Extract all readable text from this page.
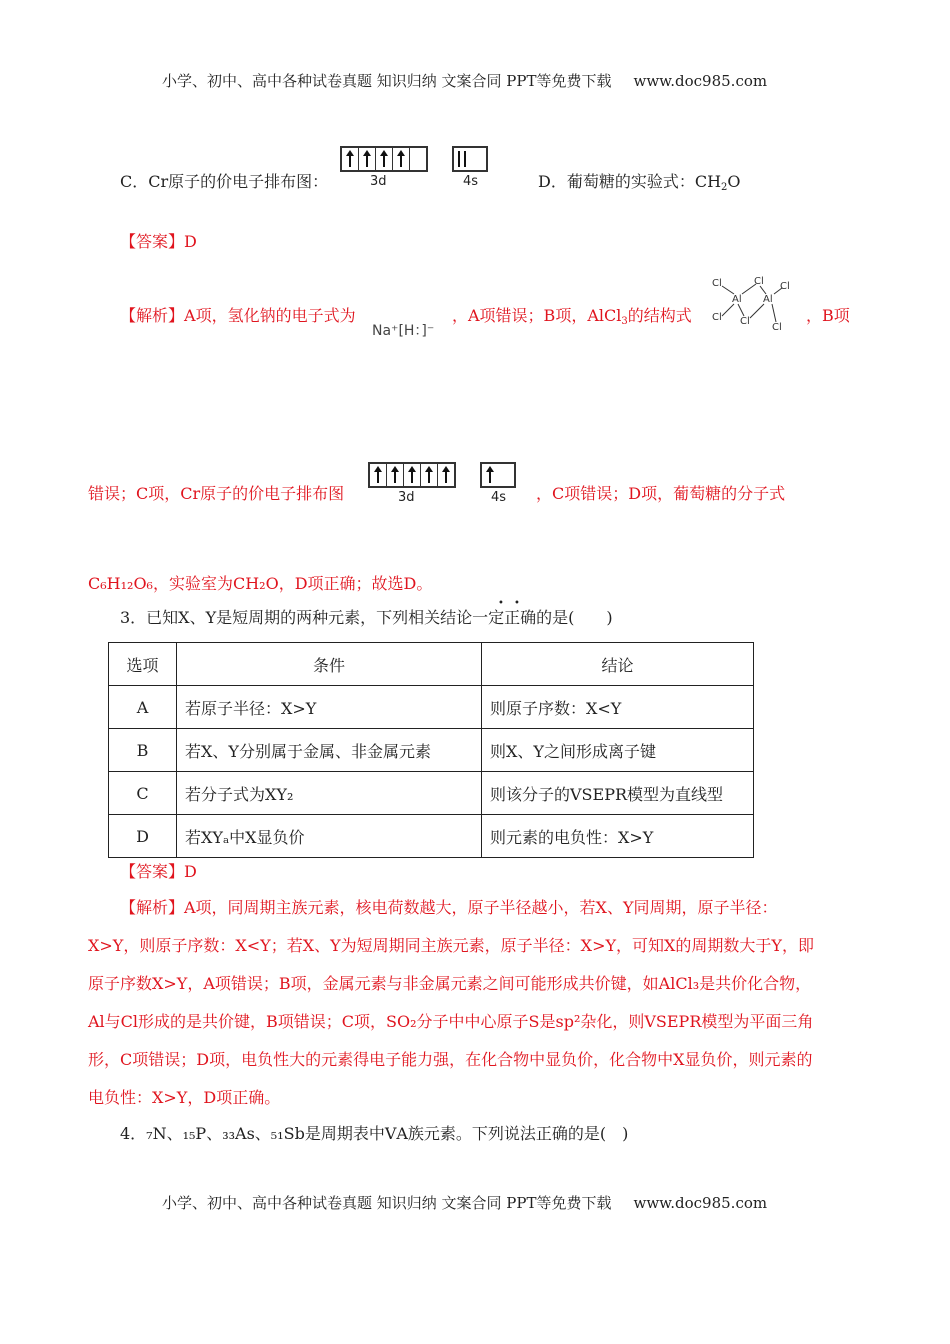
小学、初中、高中各种试卷真题 知识归纳 文案合同 PPT等免费下载 www.doc985.com
C．Cr原子的价电子排布图：	3d	4s	D．葡萄糖的实验式：$CH_2O$
【答案】D
【解析】A项，氢化钠的电子式为
Na⁺[H：]⁻
，A项错误；B项，AlCl$_3$的结构式
Cl	Cl Cl
Al Al
Cl Cl
Cl
，B项
错误；C项，Cr原子的价电子排布图	3d	4s ，C项错误；D项，葡萄糖的分子式
C₆H₁₂O₆，实验室为CH₂O，D项正确；故选D。
3．已知X、Y是短周期的两种元素，下列相关结论一定正确的是(　　)
• •
选项	条件	结论
A	若原子半径：X>Y	则原子序数：X<Y
B	若X、Y分别属于金属、非金属元素	则X、Y之间形成离子键
C	若分子式为XY₂	则该分子的VSEPR模型为直线型
D	若XYₐ中X显负价	则元素的电负性：X>Y
【答案】D
【解析】A项，同周期主族元素，核电荷数越大，原子半径越小，若X、Y同周期，原子半径：
X>Y，则原子序数：X<Y；若X、Y为短周期同主族元素，原子半径：X>Y，可知X的周期数大于Y，即
原子序数X>Y，A项错误；B项，金属元素与非金属元素之间可能形成共价键，如AlCl₃是共价化合物，
Al与Cl形成的是共价键，B项错误；C项，SO₂分子中中心原子S是sp²杂化，则VSEPR模型为平面三角
形，C项错误；D项，电负性大的元素得电子能力强，在化合物中显负价，化合物中X显负价，则元素的
电负性：X>Y，D项正确。
4．₇N、₁₅P、₃₃As、₅₁Sb是周期表中ⅤA族元素。下列说法正确的是(　)
小学、初中、高中各种试卷真题 知识归纳 文案合同 PPT等免费下载 www.doc985.com
